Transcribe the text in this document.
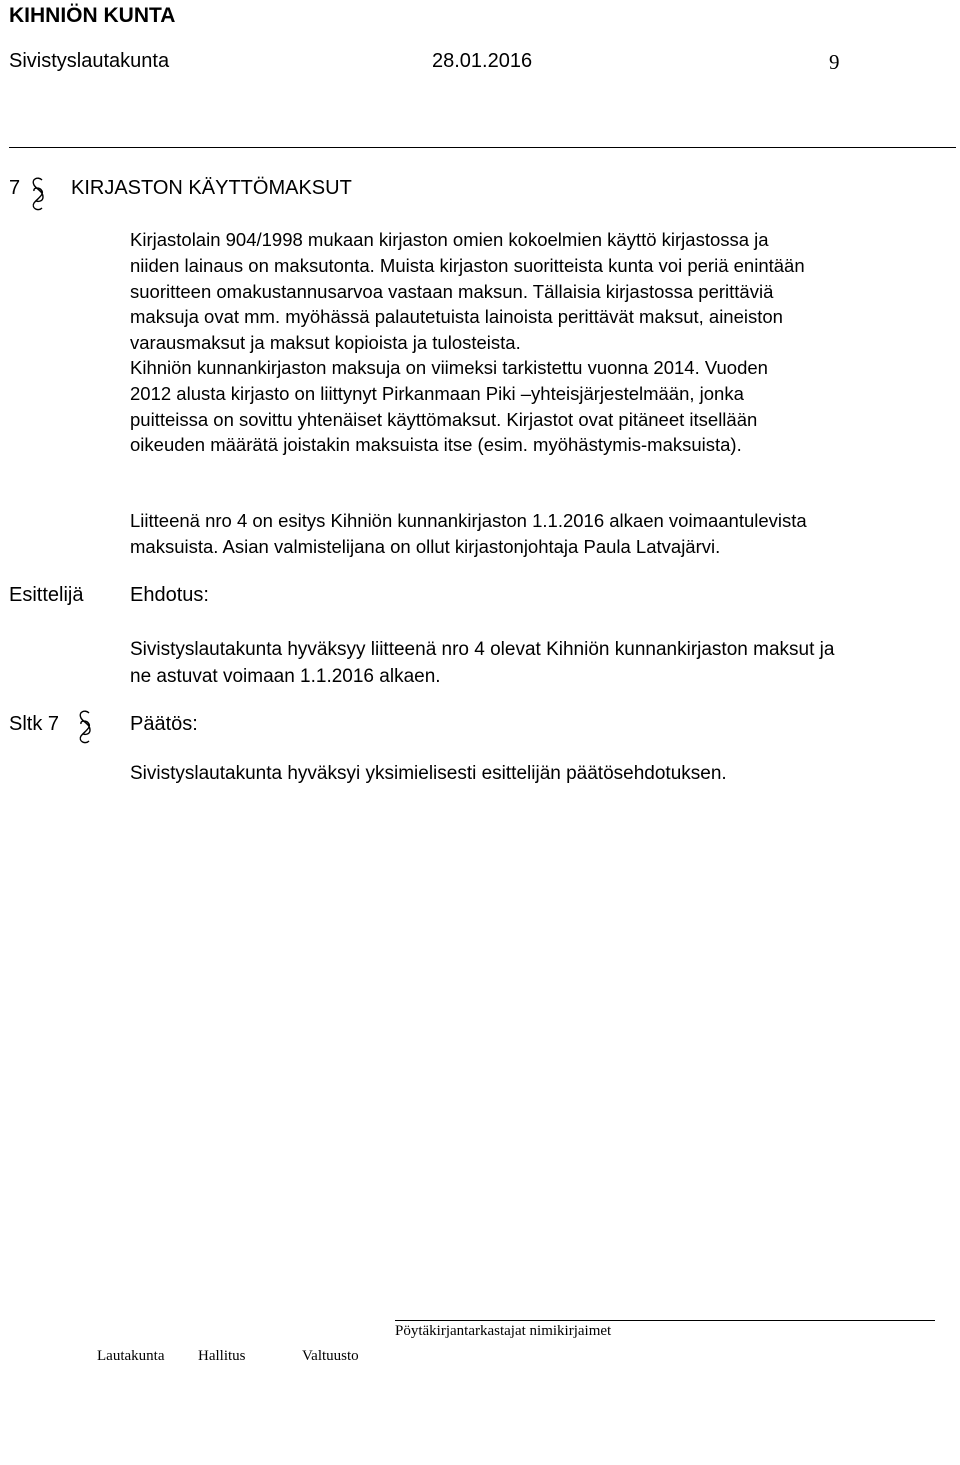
KIHNIÖN KUNTA
Sivistyslautakunta	28.01.2016	9
7	KIRJASTON KÄYTTÖMAKSUT
Kirjastolain 904/1998 mukaan kirjaston omien kokoelmien käyttö kirjastossa ja
niiden lainaus on maksutonta. Muista kirjaston suoritteista kunta voi periä enintään
suoritteen omakustannusarvoa vastaan maksun. Tällaisia kirjastossa perittäviä
maksuja ovat mm. myöhässä palautetuista lainoista perittävät maksut, aineiston
varausmaksut ja maksut kopioista ja tulosteista.
Kihniön kunnankirjaston maksuja on viimeksi tarkistettu vuonna 2014. Vuoden
2012 alusta kirjasto on liittynyt Pirkanmaan Piki –yhteisjärjestelmään, jonka
puitteissa on sovittu yhtenäiset käyttömaksut. Kirjastot ovat pitäneet itsellään
oikeuden määrätä joistakin maksuista itse (esim. myöhästymis-maksuista).
Liitteenä nro 4 on esitys Kihniön kunnankirjaston 1.1.2016 alkaen voimaantulevista
maksuista. Asian valmistelijana on ollut kirjastonjohtaja Paula Latvajärvi.
Esittelijä Ehdotus:
Sivistyslautakunta hyväksyy liitteenä nro 4 olevat Kihniön kunnankirjaston maksut ja
ne astuvat voimaan 1.1.2016 alkaen.
Sltk 7	Päätös:
Sivistyslautakunta hyväksyi yksimielisesti esittelijän päätösehdotuksen.
Pöytäkirjantarkastajat nimikirjaimet
Lautakunta Hallitus	Valtuusto
